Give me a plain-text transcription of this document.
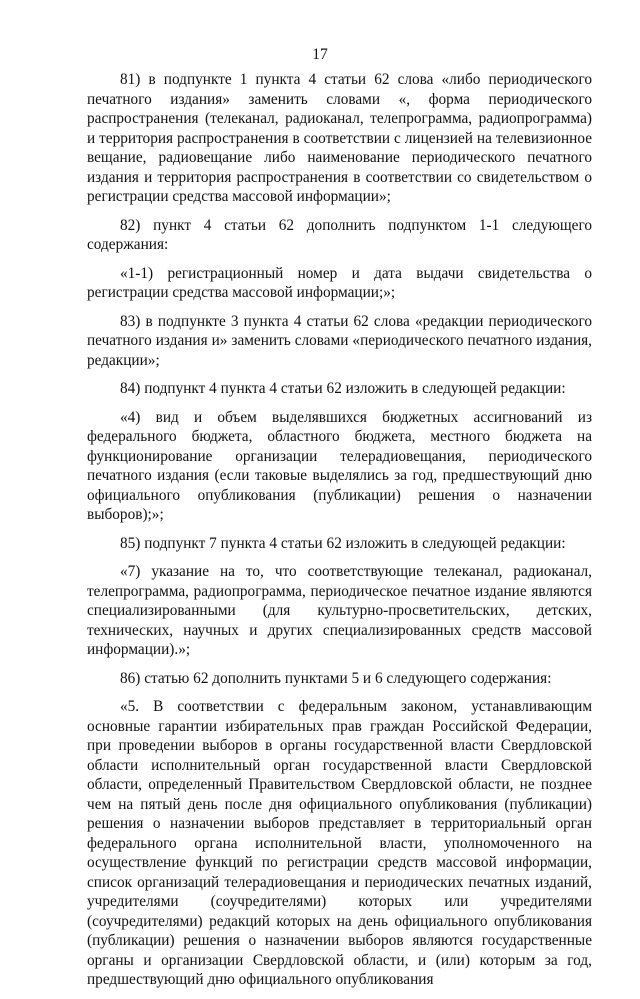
17

81) в подпункте 1 пункта 4 статьи 62 слова «либо периодического печатного издания» заменить словами «, форма периодического распространения (телеканал, радиоканал, телепрограмма, радиопрограмма) и территория распространения в соответствии с лицензией на телевизионное вещание, радиовещание либо наименование периодического печатного издания и территория распространения в соответствии со свидетельством о регистрации средства массовой информации»;

82) пункт 4 статьи 62 дополнить подпунктом 1-1 следующего содержания:

«1-1) регистрационный номер и дата выдачи свидетельства о регистрации средства массовой информации;»;

83) в подпункте 3 пункта 4 статьи 62 слова «редакции периодического печатного издания и» заменить словами «периодического печатного издания, редакции»;

84) подпункт 4 пункта 4 статьи 62 изложить в следующей редакции:

«4) вид и объем выделявшихся бюджетных ассигнований из федерального бюджета, областного бюджета, местного бюджета на функционирование организации телерадиовещания, периодического печатного издания (если таковые выделялись за год, предшествующий дню официального опубликования (публикации) решения о назначении выборов);»;

85) подпункт 7 пункта 4 статьи 62 изложить в следующей редакции:

«7) указание на то, что соответствующие телеканал, радиоканал, телепрограмма, радиопрограмма, периодическое печатное издание являются специализированными (для культурно-просветительских, детских, технических, научных и других специализированных средств массовой информации).»;

86) статью 62 дополнить пунктами 5 и 6 следующего содержания:

«5. В соответствии с федеральным законом, устанавливающим основные гарантии избирательных прав граждан Российской Федерации, при проведении выборов в органы государственной власти Свердловской области исполнительный орган государственной власти Свердловской области, определенный Правительством Свердловской области, не позднее чем на пятый день после дня официального опубликования (публикации) решения о назначении выборов представляет в территориальный орган федерального органа исполнительной власти, уполномоченного на осуществление функций по регистрации средств массовой информации, список организаций телерадиовещания и периодических печатных изданий, учредителями (соучредителями) которых или учредителями (соучредителями) редакций которых на день официального опубликования (публикации) решения о назначении выборов являются государственные органы и организации Свердловской области, и (или) которым за год, предшествующий дню официального опубликования
